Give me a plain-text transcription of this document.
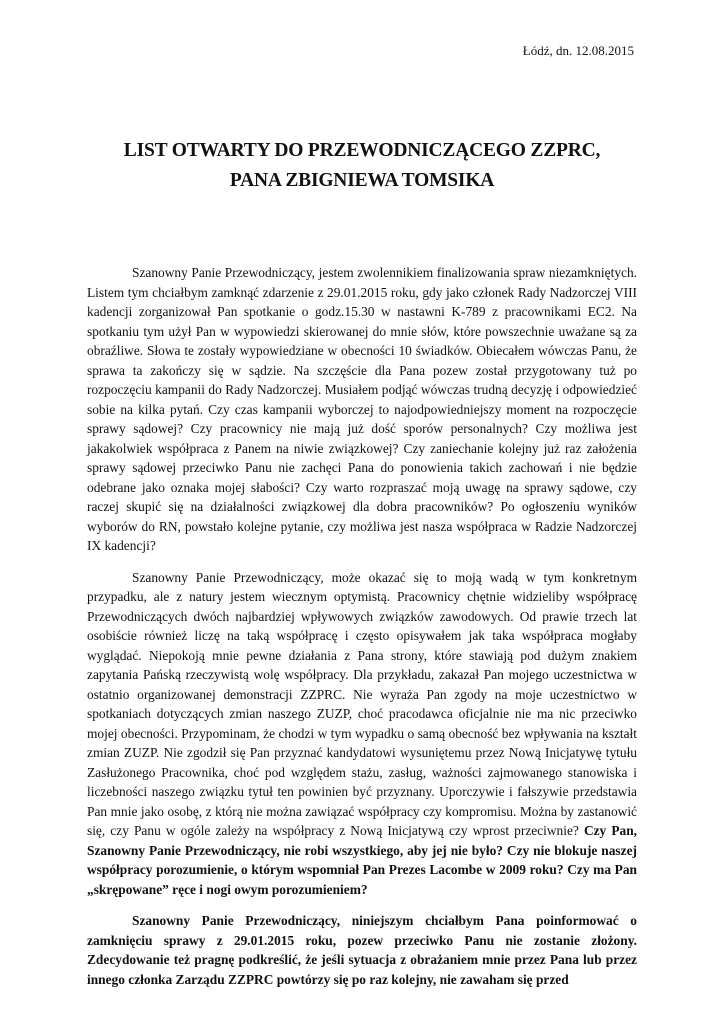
Łódź, dn. 12.08.2015
LIST OTWARTY DO PRZEWODNICZĄCEGO ZZPRC,
PANA ZBIGNIEWA TOMSIKA

Szanowny Panie Przewodniczący, jestem zwolennikiem finalizowania spraw niezamkniętych. Listem tym chciałbym zamknąć zdarzenie z 29.01.2015 roku, gdy jako członek Rady Nadzorczej VIII kadencji zorganizował Pan spotkanie o godz.15.30 w nastawni K-789 z pracownikami EC2. Na spotkaniu tym użył Pan w wypowiedzi skierowanej do mnie słów, które powszechnie uważane są za obraźliwe. Słowa te zostały wypowiedziane w obecności 10 świadków. Obiecałem wówczas Panu, że sprawa ta zakończy się w sądzie. Na szczęście dla Pana pozew został przygotowany tuż po rozpoczęciu kampanii do Rady Nadzorczej. Musiałem podjąć wówczas trudną decyzję i odpowiedzieć sobie na kilka pytań. Czy czas kampanii wyborczej to najodpowiedniejszy moment na rozpoczęcie sprawy sądowej? Czy pracownicy nie mają już dość sporów personalnych? Czy możliwa jest jakakolwiek współpraca z Panem na niwie związkowej? Czy zaniechanie kolejny już raz założenia sprawy sądowej przeciwko Panu nie zachęci Pana do ponowienia takich zachowań i nie będzie odebrane jako oznaka mojej słabości? Czy warto rozpraszać moją uwagę na sprawy sądowe, czy raczej skupić się na działalności związkowej dla dobra pracowników? Po ogłoszeniu wyników wyborów do RN, powstało kolejne pytanie, czy możliwa jest nasza współpraca w Radzie Nadzorczej IX kadencji?

Szanowny Panie Przewodniczący, może okazać się to moją wadą w tym konkretnym przypadku, ale z natury jestem wiecznym optymistą. Pracownicy chętnie widzieliby współpracę Przewodniczących dwóch najbardziej wpływowych związków zawodowych. Od prawie trzech lat osobiście również liczę na taką współpracę i często opisywałem jak taka współpraca mogłaby wyglądać. Niepokoją mnie pewne działania z Pana strony, które stawiają pod dużym znakiem zapytania Pańską rzeczywistą wolę współpracy. Dla przykładu, zakazał Pan mojego uczestnictwa w ostatnio organizowanej demonstracji ZZPRC. Nie wyraża Pan zgody na moje uczestnictwo w spotkaniach dotyczących zmian naszego ZUZP, choć pracodawca oficjalnie nie ma nic przeciwko mojej obecności. Przypominam, że chodzi w tym wypadku o samą obecność bez wpływania na kształt zmian ZUZP. Nie zgodził się Pan przyznać kandydatowi wysuniętemu przez Nową Inicjatywę tytułu Zasłużonego Pracownika, choć pod względem stażu, zasług, ważności zajmowanego stanowiska i liczebności naszego związku tytuł ten powinien być przyznany. Uporczywie i fałszywie przedstawia Pan mnie jako osobę, z którą nie można zawiązać współpracy czy kompromisu. Można by zastanowić się, czy Panu w ogóle zależy na współpracy z Nową Inicjatywą czy wprost przeciwnie? Czy Pan, Szanowny Panie Przewodniczący, nie robi wszystkiego, aby jej nie było? Czy nie blokuje naszej współpracy porozumienie, o którym wspomniał Pan Prezes Lacombe w 2009 roku? Czy ma Pan „skrępowane” ręce i nogi owym porozumieniem?

Szanowny Panie Przewodniczący, niniejszym chciałbym Pana poinformować o zamknięciu sprawy z 29.01.2015 roku, pozew przeciwko Panu nie zostanie złożony. Zdecydowanie też pragnę podkreślić, że jeśli sytuacja z obrażaniem mnie przez Pana lub przez innego członka Zarządu ZZPRC powtórzy się po raz kolejny, nie zawaham się przed
